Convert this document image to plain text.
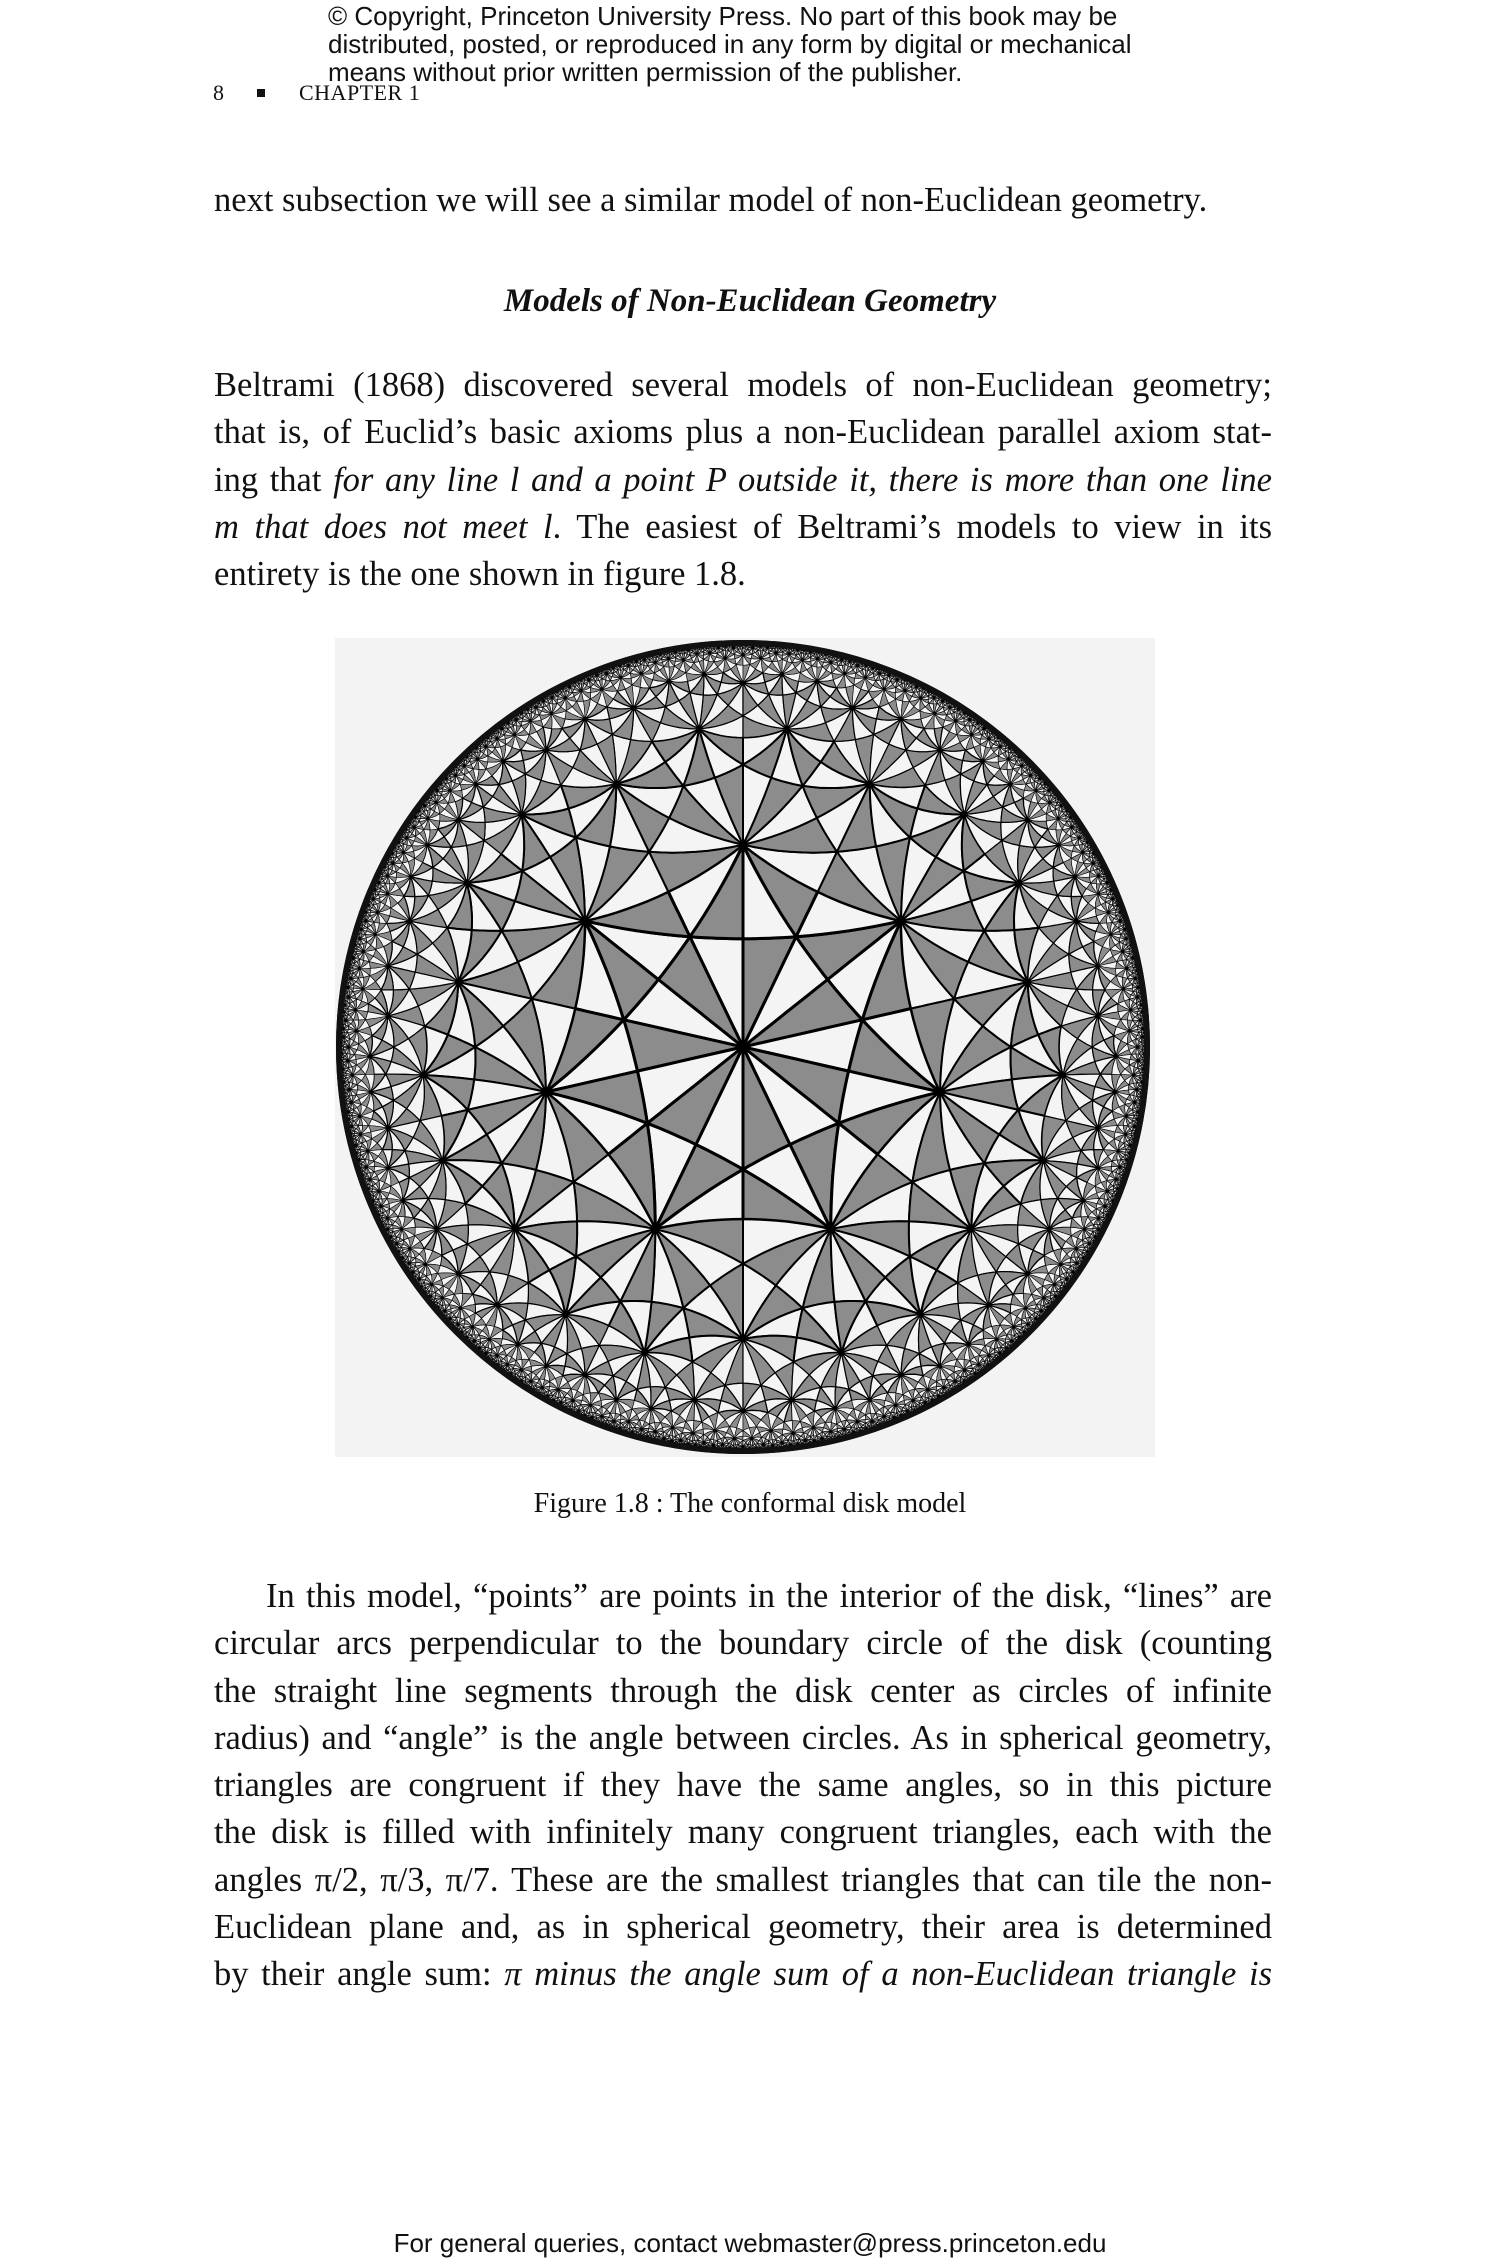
© Copyright, Princeton University Press. No part of this book may be
distributed, posted, or reproduced in any form by digital or mechanical
means without prior written permission of the publisher.
8	CHAPTER 1
next subsection we will see a similar model of non-Euclidean geometry.
Models of Non-Euclidean Geometry
Beltrami (1868) discovered several models of non-Euclidean geometry;
that is, of Euclid’s basic axioms plus a non-Euclidean parallel axiom stat-
ing that for any line l and a point P outside it, there is more than one line
m that does not meet l. The easiest of Beltrami’s models to view in its
entirety is the one shown in figure 1.8.
Figure 1.8 : The conformal disk model
In this model, “points” are points in the interior of the disk, “lines” are
circular arcs perpendicular to the boundary circle of the disk (counting
the straight line segments through the disk center as circles of infinite
radius) and “angle” is the angle between circles. As in spherical geometry,
triangles are congruent if they have the same angles, so in this picture
the disk is filled with infinitely many congruent triangles, each with the
angles π/2, π/3, π/7. These are the smallest triangles that can tile the non-
Euclidean plane and, as in spherical geometry, their area is determined
by their angle sum: π minus the angle sum of a non-Euclidean triangle is
For general queries, contact webmaster@press.princeton.edu
